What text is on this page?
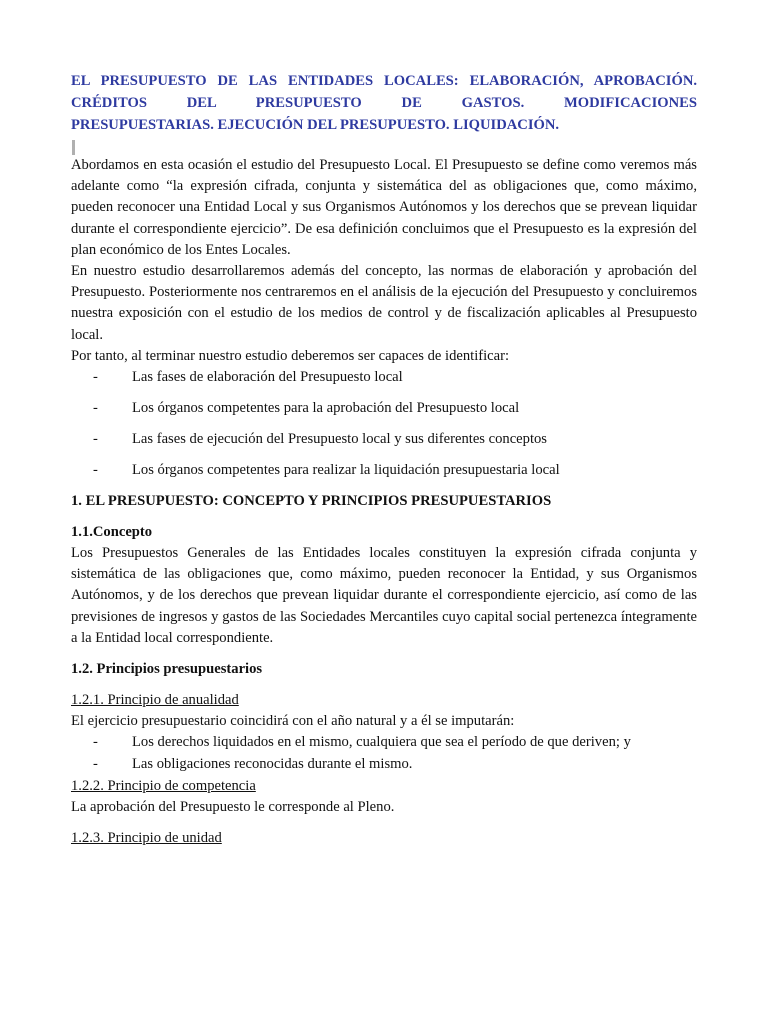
EL PRESUPUESTO DE LAS ENTIDADES LOCALES: ELABORACIÓN, APROBACIÓN. CRÉDITOS DEL PRESUPUESTO DE GASTOS. MODIFICACIONES
PRESUPUESTARIAS. EJECUCIÓN DEL PRESUPUESTO. LIQUIDACIÓN.

Abordamos en esta ocasión el estudio del Presupuesto Local. El Presupuesto se define como veremos más adelante como “la expresión cifrada, conjunta y sistemática del as obligaciones que, como máximo, pueden reconocer una Entidad Local y sus Organismos Autónomos y los derechos que se prevean liquidar durante el correspondiente ejercicio”. De esa definición concluimos que el Presupuesto es la expresión del plan económico de los Entes Locales.

En nuestro estudio desarrollaremos además del concepto, las normas de elaboración y aprobación del Presupuesto. Posteriormente nos centraremos en el análisis de la ejecución del Presupuesto y concluiremos nuestra exposición con el estudio de los medios de control y de fiscalización aplicables al Presupuesto local.

Por tanto, al terminar nuestro estudio deberemos ser capaces de identificar:

- Las fases de elaboración del Presupuesto local
- Los órganos competentes para la aprobación del Presupuesto local
- Las fases de ejecución del Presupuesto local y sus diferentes conceptos
- Los órganos competentes para realizar la liquidación presupuestaria local
1. EL PRESUPUESTO: CONCEPTO Y PRINCIPIOS PRESUPUESTARIOS
1.1.Concepto

Los Presupuestos Generales de las Entidades locales constituyen la expresión cifrada conjunta y sistemática de las obligaciones que, como máximo, pueden reconocer la Entidad, y sus Organismos Autónomos, y de los derechos que prevean liquidar durante el correspondiente ejercicio, así como de las previsiones de ingresos y gastos de las Sociedades Mercantiles cuyo capital social pertenezca íntegramente a la Entidad local correspondiente.

1.2. Principios presupuestarios
1.2.1. Principio de anualidad

El ejercicio presupuestario coincidirá con el año natural y a él se imputarán:

- Los derechos liquidados en el mismo, cualquiera que sea el período de que deriven; y
- Las obligaciones reconocidas durante el mismo.
1.2.2. Principio de competencia

La aprobación del Presupuesto le corresponde al Pleno.

1.2.3. Principio de unidad
